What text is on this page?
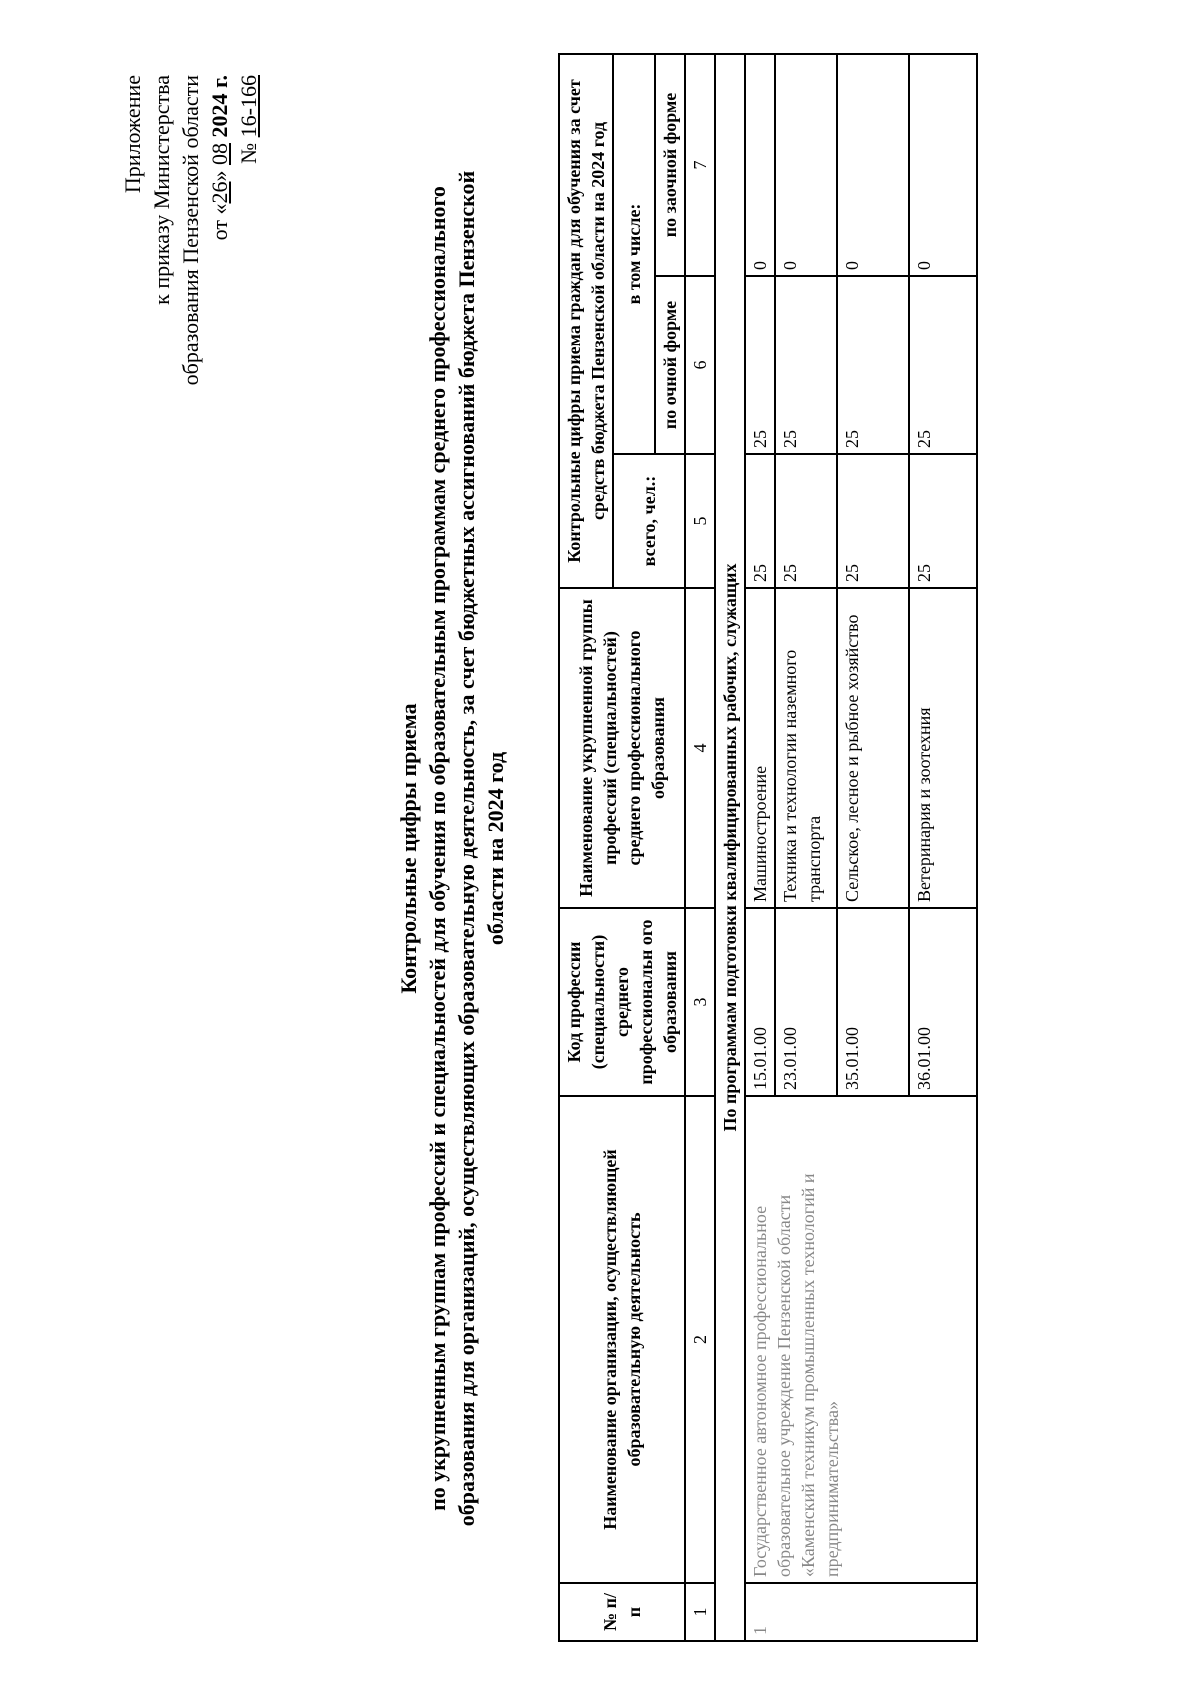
Приложение к приказу Министерства образования Пензенской области от «26» 08 2024 г.
№ 16-166
Контрольные цифры приема по укрупненным группам профессий и специальностей для обучения по образовательным программам среднего профессионального образования для организаций, осуществляющих образовательную деятельность, за счет бюджетных ассигнований бюджета Пензенской области на 2024 год
№ п/п	Наименование организации, осуществляющей образовательную деятельность	Код профессии (специальности) среднего профессиональн ого образования	Наименование укрупненной группы профессий (специальностей) среднего профессионального образования	Контрольные цифры приема граждан для обучения за счет средств бюджета Пензенской области на 2024 год		
				всего, чел.:	в том числе:	
					по очной форме	по заочной форме
1	2	3	4	5	6	7
По программам подготовки квалифицированных рабочих, служащих						
1	Государственное автономное профессиональное образовательное учреждение Пензенской области «Каменский техникум промышленных технологий и предпринимательства»	15.01.00	Машиностроение	25	25	0
		23.01.00	Техника и технологии наземного транспорта	25	25	0
		35.01.00	Сельское, лесное и рыбное хозяйство	25	25	0
		36.01.00	Ветеринария и зоотехния	25	25	0
